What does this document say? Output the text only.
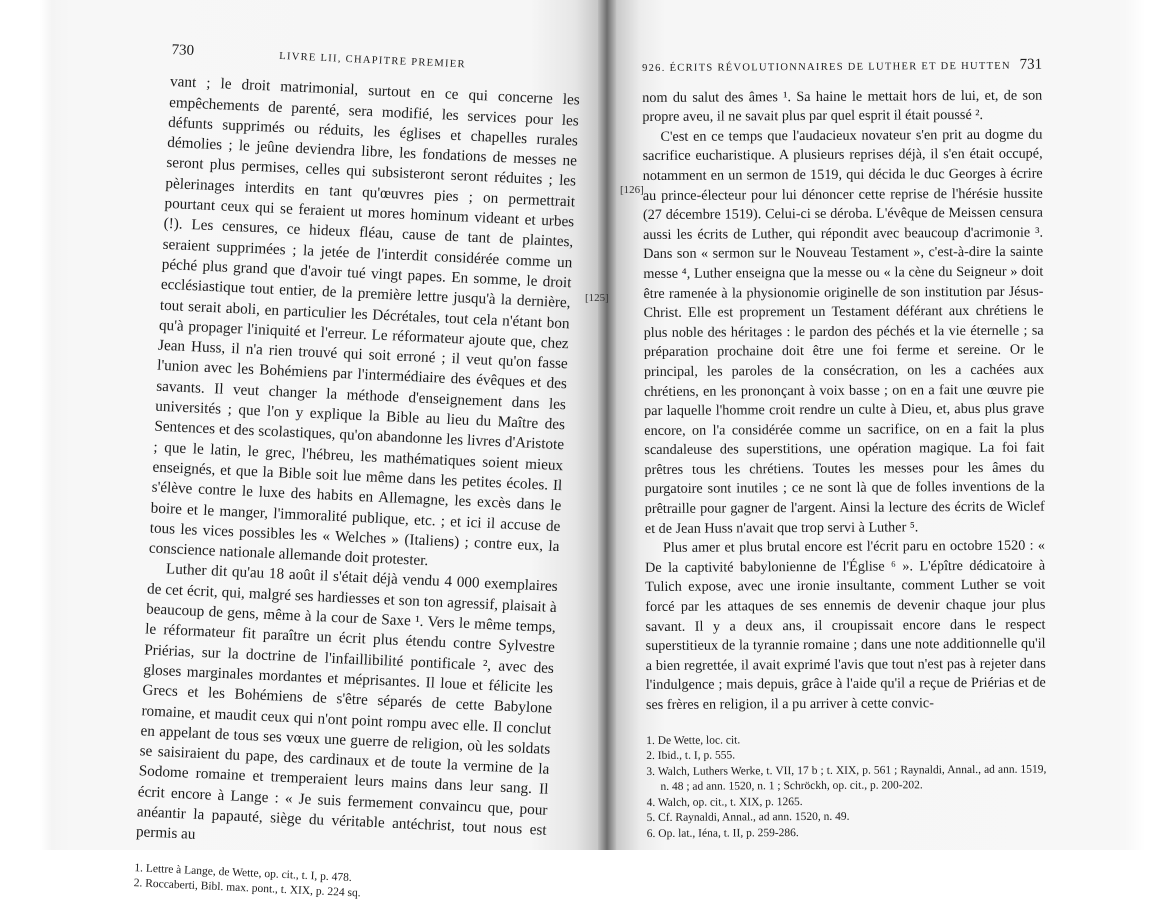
730
LIVRE LII, CHAPITRE PREMIER

vant ; le droit matrimonial, surtout en ce qui concerne les empêchements de parenté, sera modifié, les services pour les défunts supprimés ou réduits, les églises et chapelles rurales démolies ; le jeûne deviendra libre, les fondations de messes ne seront plus permises, celles qui subsisteront seront réduites ; les pèlerinages interdits en tant qu'œuvres pies ; on permettrait pourtant ceux qui se feraient ut mores hominum videant et urbes (!). Les censures, ce hideux fléau, cause de tant de plaintes, seraient supprimées ; la jetée de l'interdit considérée comme un péché plus grand que d'avoir tué vingt papes. En somme, le droit ecclésiastique tout entier, de la première lettre jusqu'à la dernière, tout serait aboli, en particulier les Décrétales, tout cela n'étant bon qu'à propager l'iniquité et l'erreur. Le réformateur ajoute que, chez Jean Huss, il n'a rien trouvé qui soit erroné ; il veut qu'on fasse l'union avec les Bohémiens par l'intermédiaire des évêques et des savants. Il veut changer la méthode d'enseignement dans les universités ; que l'on y explique la Bible au lieu du Maître des Sentences et des scolastiques, qu'on abandonne les livres d'Aristote ; que le latin, le grec, l'hébreu, les mathématiques soient mieux enseignés, et que la Bible soit lue même dans les petites écoles. Il s'élève contre le luxe des habits en Allemagne, les excès dans le boire et le manger, l'immoralité publique, etc. ; et ici il accuse de tous les vices possibles les « Welches » (Italiens) ; contre eux, la conscience nationale allemande doit protester.

Luther dit qu'au 18 août il s'était déjà vendu 4 000 exemplaires de cet écrit, qui, malgré ses hardiesses et son ton agressif, plaisait à beaucoup de gens, même à la cour de Saxe ¹. Vers le même temps, le réformateur fit paraître un écrit plus étendu contre Sylvestre Priérias, sur la doctrine de l'infaillibilité pontificale ², avec des gloses marginales mordantes et méprisantes. Il loue et félicite les Grecs et les Bohémiens de s'être séparés de cette Babylone romaine, et maudit ceux qui n'ont point rompu avec elle. Il conclut en appelant de tous ses vœux une guerre de religion, où les soldats se saisiraient du pape, des cardinaux et de toute la vermine de la Sodome romaine et tremperaient leurs mains dans leur sang. Il écrit encore à Lange : « Je suis fermement convaincu que, pour anéantir la papauté, siège du véritable antéchrist, tout nous est permis au

1. Lettre à Lange, de Wette, op. cit., t. I, p. 478.
2. Roccaberti, Bibl. max. pont., t. XIX, p. 224 sq.
[125]
926. ÉCRITS RÉVOLUTIONNAIRES DE LUTHER ET DE HUTTEN 731

nom du salut des âmes ¹. Sa haine le mettait hors de lui, et, de son propre aveu, il ne savait plus par quel esprit il était poussé ².

C'est en ce temps que l'audacieux novateur s'en prit au dogme du sacrifice eucharistique. A plusieurs reprises déjà, il s'en était occupé, notamment en un sermon de 1519, qui décida le duc Georges à écrire au prince-électeur pour lui dénoncer cette reprise de l'hérésie hussite (27 décembre 1519). Celui-ci se déroba. L'évêque de Meissen censura aussi les écrits de Luther, qui répondit avec beaucoup d'acrimonie ³. Dans son « sermon sur le Nouveau Testament », c'est-à-dire la sainte messe ⁴, Luther enseigna que la messe ou « la cène du Seigneur » doit être ramenée à la physionomie originelle de son institution par Jésus-Christ. Elle est proprement un Testament déférant aux chrétiens le plus noble des héritages : le pardon des péchés et la vie éternelle ; sa préparation prochaine doit être une foi ferme et sereine. Or le principal, les paroles de la consécration, on les a cachées aux chrétiens, en les prononçant à voix basse ; on en a fait une œuvre pie par laquelle l'homme croit rendre un culte à Dieu, et, abus plus grave encore, on l'a considérée comme un sacrifice, on en a fait la plus scandaleuse des superstitions, une opération magique. La foi fait prêtres tous les chrétiens. Toutes les messes pour les âmes du purgatoire sont inutiles ; ce ne sont là que de folles inventions de la prêtraille pour gagner de l'argent. Ainsi la lecture des écrits de Wiclef et de Jean Huss n'avait que trop servi à Luther ⁵.

Plus amer et plus brutal encore est l'écrit paru en octobre 1520 : « De la captivité babylonienne de l'Église ⁶ ». L'épître dédicatoire à Tulich expose, avec une ironie insultante, comment Luther se voit forcé par les attaques de ses ennemis de devenir chaque jour plus savant. Il y a deux ans, il croupissait encore dans le respect superstitieux de la tyrannie romaine ; dans une note additionnelle qu'il a bien regrettée, il avait exprimé l'avis que tout n'est pas à rejeter dans l'indulgence ; mais depuis, grâce à l'aide qu'il a reçue de Priérias et de ses frères en religion, il a pu arriver à cette convic-

1. De Wette, loc. cit.
2. Ibid., t. I, p. 555.
3. Walch, Luthers Werke, t. VII, 17 b ; t. XIX, p. 561 ; Raynaldi, Annal., ad ann. 1519, n. 48 ; ad ann. 1520, n. 1 ; Schröckh, op. cit., p. 200-202.
4. Walch, op. cit., t. XIX, p. 1265.
5. Cf. Raynaldi, Annal., ad ann. 1520, n. 49.
6. Op. lat., Iéna, t. II, p. 259-286.
[126]
